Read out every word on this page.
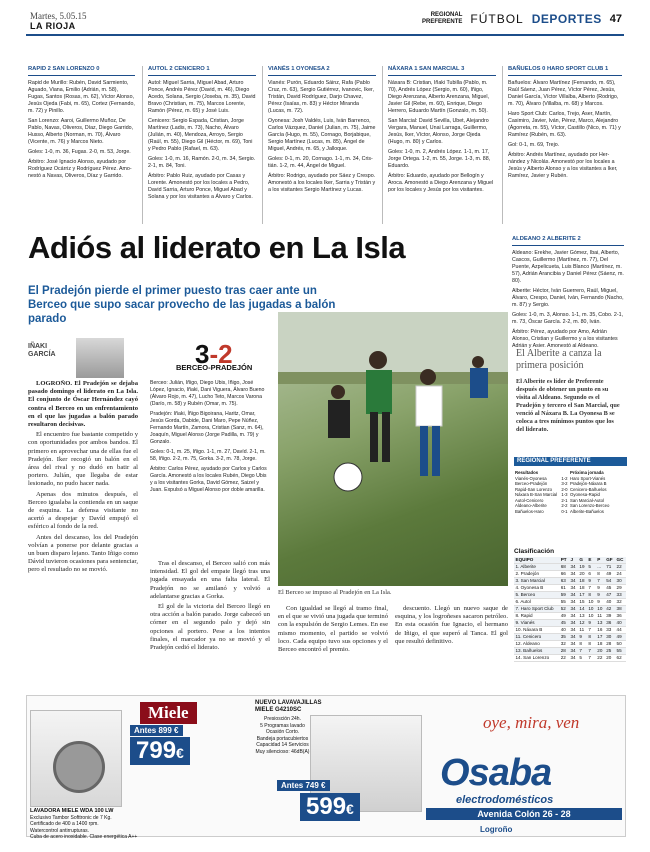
Martes, 5.05.15
LA RIOJA
REGIONAL
PREFERENTE FÚTBOL DEPORTES 47
RAPID 2 SAN LORENZO 0

Rapid de Murillo: Rubén, David Sarmiento, Aguado, Viana, Emilio (Adrián, m. 58), Fugas, Santos (Rosas, m. 62), Víctor Alonso, Jesús Ojeda (Fabi, m. 65), Cortez (Fernando, m. 72) y Pinillo.

San Lorenzo: Aaroi, Guillermo Muñoz, De Pablo, Navas, Oliveros, Díaz, Diego Garrido, Husso, Alberto (Norman, m. 70), Álvaro (Vicente, m. 76) y Marcos Nieto.

Goles: 1-0, m. 36, Fugas. 2-0, m. 53, Jorge.

Árbitro: José Ignacio Alonso, ayudado por Rodríguez Ocárriz y Rodríguez Pérez. Amonestó a Navas, Oliveros, Díaz y Garrido.

AUTOL 2 CENICERO 1

Autol: Miguel Sarria, Miguel Abad, Arturo Ponce, Andrés Pérez (David, m. 46), Diego Acedo, Solana, Sergio (Joseba, m. 35), David Bravo (Christian, m. 75), Marcos Lorente, Ramón (Pérez, m. 65) y José Luis.

Cenicero: Sergio Espada, Cristian, Jorge Martínez (Ladis, m. 73), Nacho, Álvaro (Julián, m. 40), Mendoza, Arroyo, Sergio (Raúl, m. 55), Diego Gil (Héctor, m. 69), Toni y Pedro Pablo (Rafael, m. 63).

Goles: 1-0, m. 16, Ramón. 2-0, m. 34, Sergio. 2-1, m. 84, Toni.

Árbitro: Pablo Ruiz, ayudado por Casas y Lorente. Amonestó por los locales a Pedro, David Sarria, Arturo Ponce, Miguel Abad y Solana y por los visitantes a Álvaro y Carlos.

VIANÉS 1 OYONESA 2

Vianés: Purón, Eduardo Sáinz, Rafa (Pablo Cruz, m. 63), Sergio Gutiérrez, Ivanovic, Iker, Tristán, David Rodríguez, Darjo Chavez, Pérez (Isaías, m. 83) y Héctor Miranda (Lucas, m. 72).

Oyonesa: Josh Valdés, Luis, Iván Barrenco, Carlos Vázquez, Daniel (Julian, m. 75), Jaime García (Hugo, m. 55), Cornago, Borjabique, Sergio Martínez (Lucas, m. 85), Ángel de Miguel, Andrés, m. 65, y Jalloque.

Goles: 0-1, m. 20, Cornago. 1-1, m. 34, Cristián. 1-2, m. 44, Ángel de Miguel.

Árbitro: Rodrigo, ayudado por Sáez y Crespo. Amonestó a los locales Iker, Sarria y Tristán y a los visitantes Sergio Martínez y Lucas.

NÁXARA 1 SAN MARCIAL 3

Náxara B: Cristian, Iñaki Tubilla (Pablo, m. 70), Andrés López (Sergio, m. 60), Iñigo, Diego Arenzana, Alberto Arenzana, Miguel, Javier Gil (Rebe, m. 60), Enrique, Diego Herrero, Eduardo Martín (Gonzalo, m. 50).

San Marcial: David Sevilla, Ubet, Alejandro Vergara, Manuel, Unai Larraga, Guillermo, Jesús, Iker, Víctor, Alonso, Jorge Ojeda (Hugo, m. 80) y Carlos.

Goles: 1-0, m. 2, Andrés López. 1-1, m. 17, Jorge Ortega. 1-2, m. 55, Jorge. 1-3, m. 88, Eduardo.

Árbitro: Eduardo, ayudado por Bellogín y Aroca. Amonestó a Diego Arenzana y Miguel por los locales y Jesús por los visitantes.

BAÑUELOS 0 HARO SPORT CLUB 1

Bañuelos: Álvaro Martínez (Fernando, m. 65), Raúl Sáenz, Juan Pérez, Víctor Pérez, Jesús, Daniel García, Víctor Villalba, Alberto (Rodrigo, m. 70), Álvaro (Villalba, m. 68) y Marcos.

Haro Sport Club: Carlos, Trejo, Aser, Martín, Casimiro, Javier, Iván, Pérez, Marco, Alejandro (Ágorreta, m. 55), Víctor, Castillo (Nico, m. 71) y Ramírez (Rubén, m. 63).

Gol: 0-1, m. 69, Trejo.

Árbitro: Andrés Martínez, ayudado por Hernández y Nicolás. Amonestó por los locales a Jesús y Alberto Alonso y a los visitantes a Iker, Ramírez, Javier y Rubén.

Adiós al liderato en La Isla
El Pradejón pierde el primer puesto tras caer ante un Berceo que supo sacar provecho de las jugadas a balón parado
IÑAKI
GARCÍA	3-2
BERCEO-PRADEJÓN

Berceo: Julián, Iñigo, Diego Ubis, Iñigo, José López, Ignacio, Iñaki, Dani Viguera, Álvaro Bueno (Álvaro Rojo, m. 47), Lucho Teto, Marcos Varona (Darío, m. 58) y Rubén (Omar, m. 75).

Pradejón: Iñaki, Íñigo Bigoirana, Haritz, Omar, Jesús Gorda, Dabide, Dani Maro, Pepe Núñez, Fernando Martín, Zamora, Cristian (Sanz, m. 64), Joaquín, Miguel Alonso (Jorge Padilla, m. 79) y Gonzalo.

Goles: 0-1, m. 25, Iñigo. 1-1, m. 27, Davíd. 2-1, m. 58, Iñigo. 2-2, m. 75, Gorka. 3-2, m. 78, Jorge.

Árbitro: Carlos Pérez, ayudado por Carlos y Carlos García. Amonestó a los locales Rubén, Diego Ubis y a los visitantes Gorka, David Gómez, Saizel y Juan. Expulsó a Miguel Alonso por doble amarilla.

LOGROÑO. El Pradejón se dejaba pasado domingo el liderato en La Isla. El conjunto de Óscar Hernández cayó contra el Berceo en un enfrentamiento en el que las jugadas a balón parado resultaron decisivas.

El encuentro fue bastante competido y con oportunidades por ambos bandos. El primero en aprovechar una de ellas fue el Pradejón. Iker recogió un balón en el área del rival y no dudó en batir al portero. Julián, que llegaba de estar lesionado, no pudo hacer nada.

Apenas dos minutos después, el Berceo igualaba la contienda en un saque de esquina. La defensa visitante no acertó a despejar y Davíd empujó el esférico al fondo de la red.

Antes del descanso, los del Pradejón volvían a ponerse por delante gracias a un buen disparo lejano. Tanto Iñigo como Dávid tuvieron ocasiones para sentenciar, pero el resultado no se movió.

Tras el descanso, el Berceo salió con más intensidad. El gol del empate llegó tras una jugada ensayada en una falta lateral. El Pradejón no se amilanó y volvió a adelantarse gracias a Gorka.

El gol de la victoria del Berceo llegó en otra acción a balón parado. Jorge cabeceó un córner en el segundo palo y dejó sin opciones al portero. Pese a los intentos finales, el marcador ya no se movió y el Pradejón cedió el liderato.

Con igualdad se llegó al tramo final, en el que se vivió una jugada que terminó con la expulsión de Sergio Lemes. En ese mismo momento, el partido se volvió loco. Cada equipo tuvo sus opciones y el Berceo encontró el premio.

descuento. Llegó un nuevo saque de esquina, y los logroñeses sacaron petróleo. En esta ocasión fue Ignacio, el hermano de Iñigo, el que superó al Tanca. El gol que resultó definitivo.

El Berceo se impuso al Pradejón en La Isla.
ALDEANO 2 ALBERITE 2

Aldeano: Erekhe, Javier Gómez, Ibai, Alberto, Cascos, Guillermo (Martínez, m. 77), Del Puente, Azpelicueta, Luis Blanco (Martínez, m. 57), Adrián Arancibia y Daniel Pérez (Sáenz, m. 80).

Alberite: Héctor, Iván Guerrero, Raúl, Miguel, Álvaro, Crespo, Daniel, Iván, Fernando (Nacho, m. 87) y Sergio.

Goles: 1-0, m. 3, Alonso. 1-1, m. 35, Cobo. 2-1, m. 73, Óscar García. 2-2, m. 80, Iván.

Árbitro: Pérez, ayudado por Amo, Adrián Alonso, Cristian y Guillermo y a los visitantes Adrián y Asier. Amonestó al Aldeano.

El Alberite a canza la primera posición
El Alberite es líder de Preferente después de obtener un punto en su visita al Aldeano. Segundo es el Pradejón y tercero el San Marcial, que venció al Náxara B. La Oyonesa B se coloca a tres mínimos puntos que los del liderato.
REGIONAL PREFERENTE
Resultados	
Vianés-Oyonesa	1-2
Berceo-Pradejón	3-2
Rapid-San Lorenzo	2-0
Náxara B-San Marcial	1-3
Autol-Cenicero	2-1
Aldeano-Alberite	2-2
Bañuelos-Haro	0-1
Próxima jornada
Haro Sport-Vianés
Pradejón-Náxara B
Cenicero-Bañuelos
Oyonesa-Rapid
San Marcial-Autol
San Lorenzo-Berceo
Alberite-Bañuelos
Clasificación
EQUIPO	PT	J	G	E	P	GF	GC
1. Alberite	68	34	19	5	...	71	22
2. Pradejón	66	34	20	6	8	49	24
3. San Marcial	63	34	18	9	7	54	30
4. Oyonesa B	61	34	18	7	9	45	29
5. Berceo	59	34	17	8	9	47	33
6. Autol	55	34	15	10	9	40	32
7. Haro Sport Club	52	34	14	10	10	42	38
8. Rapid	49	34	13	10	11	39	36
9. Vianés	45	34	12	9	13	36	40
10. Náxara B	40	34	11	7	16	33	44
11. Cenicero	35	34	9	8	17	30	49
12. Aldeano	32	34	8	8	18	28	50
13. Bañuelos	28	34	7	7	20	25	55
14. San Lorenzo	22	34	5	7	22	20	62
Miele	NUEVO LAVAVAJILLAS
MIELE G4210SC
Presiosción 24h.
5 Programas lavado
Ocasión Corto.
Bandeja portacubiertos
Capacidad 14 Servicios
Muy silencioso: 46dB(A)
Antes 899 €
799€
LAVADORA MIELE WDA 100 LW
Exclusivo Tambor Softtronic de 7 Kg.
Certificado de 400 a 1400 rpm.
Watercontrol antirrupturas.
Cuba de acero inoxidable. Clase energética A++
Antes 749 €
599€
oye, mira, ven
Osaba
electrodomésticos
Avenida Colón 26 - 28
Logroño
